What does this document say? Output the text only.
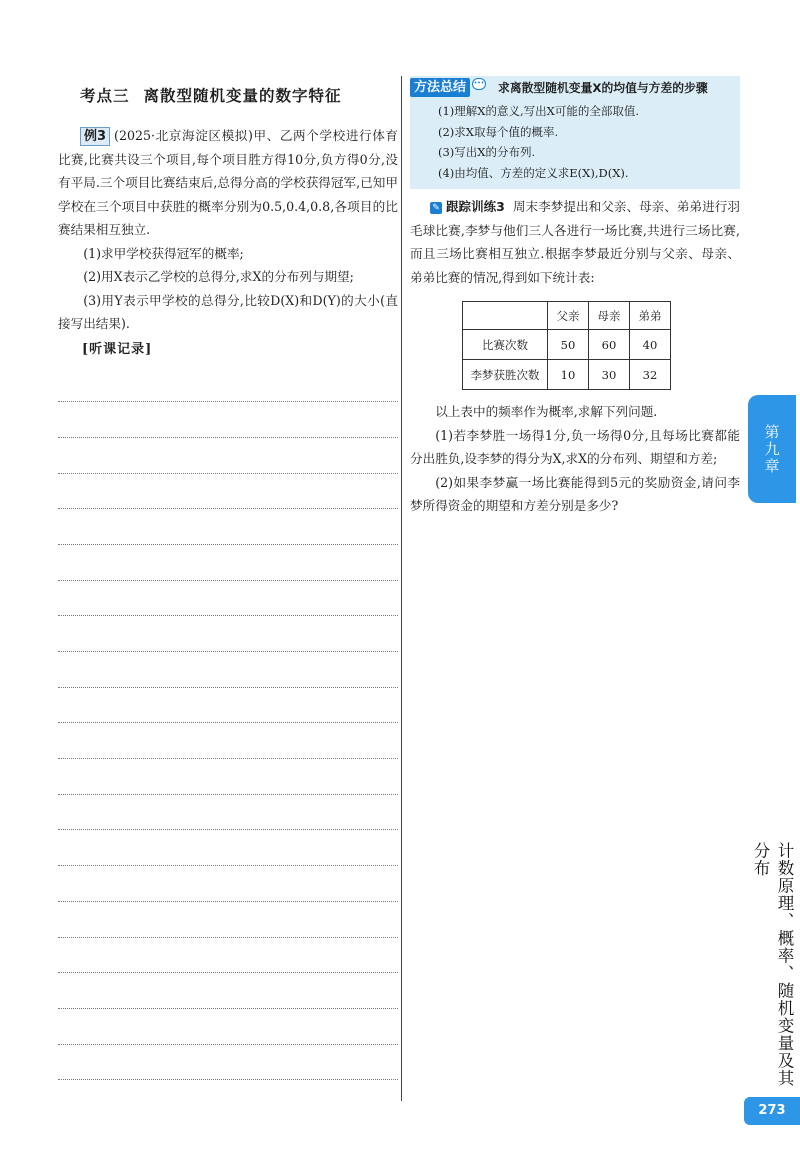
考点三 离散型随机变量的数字特征
例3 (2025·北京海淀区模拟)甲、乙两个学校进行体育比赛,比赛共设三个项目,每个项目胜方得10分,负方得0分,没有平局.三个项目比赛结束后,总得分高的学校获得冠军,已知甲学校在三个项目中获胜的概率分别为0.5,0.4,0.8,各项目的比赛结果相互独立.
(1)求甲学校获得冠军的概率;
(2)用X表示乙学校的总得分,求X的分布列与期望;
(3)用Y表示甲学校的总得分,比较D(X)和D(Y)的大小(直接写出结果).
[听课记录]
方法总结	••• 求离散型随机变量X的均值与方差的步骤
(1)理解X的意义,写出X可能的全部取值.
(2)求X取每个值的概率.
(3)写出X的分布列.
(4)由均值、方差的定义求E(X),D(X).
✎ 跟踪训练3 周末李梦提出和父亲、母亲、弟弟进行羽毛球比赛,李梦与他们三人各进行一场比赛,共进行三场比赛,而且三场比赛相互独立.根据李梦最近分别与父亲、母亲、弟弟比赛的情况,得到如下统计表:
	父亲	母亲	弟弟
比赛次数	50	60	40
李梦获胜次数	10	30	32
以上表中的频率作为概率,求解下列问题.
(1)若李梦胜一场得1分,负一场得0分,且每场比赛都能分出胜负,设李梦的得分为X,求X的分布列、期望和方差;
(2)如果李梦赢一场比赛能得到5元的奖励资金,请问李梦所得资金的期望和方差分别是多少?
第九章
计数原理、概率、随机变量及其分布
273
